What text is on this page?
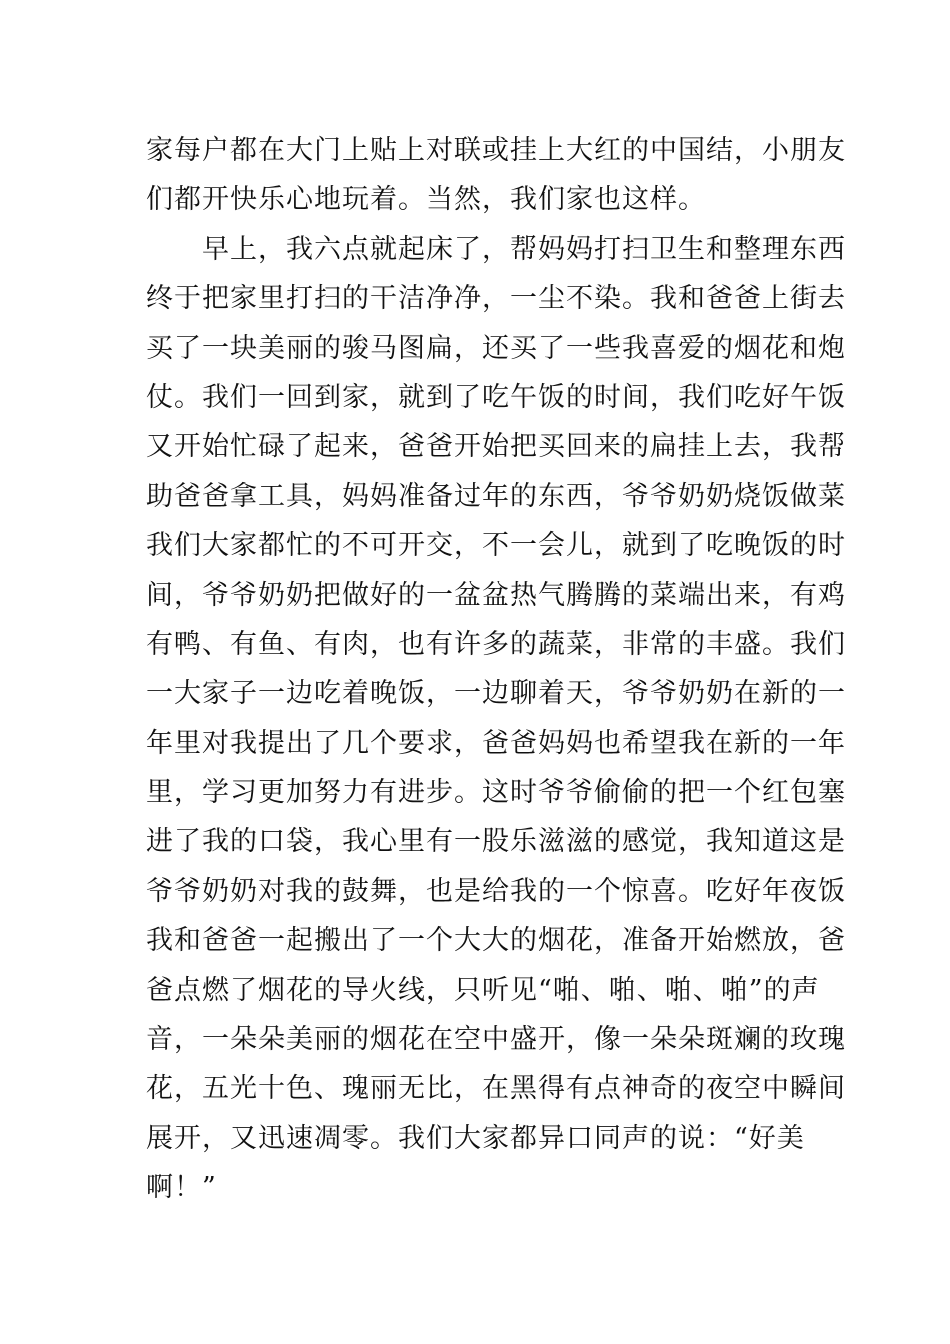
家每户都在大门上贴上对联或挂上大红的中国结，小朋友
们都开快乐心地玩着。当然，我们家也这样。
早上，我六点就起床了，帮妈妈打扫卫生和整理东西
终于把家里打扫的干洁净净，一尘不染。我和爸爸上街去
买了一块美丽的骏马图扁，还买了一些我喜爱的烟花和炮
仗。我们一回到家，就到了吃午饭的时间，我们吃好午饭
又开始忙碌了起来，爸爸开始把买回来的扁挂上去，我帮
助爸爸拿工具，妈妈准备过年的东西，爷爷奶奶烧饭做菜
我们大家都忙的不可开交，不一会儿，就到了吃晚饭的时
间，爷爷奶奶把做好的一盆盆热气腾腾的菜端出来，有鸡
有鸭、有鱼、有肉，也有许多的蔬菜，非常的丰盛。我们
一大家子一边吃着晚饭，一边聊着天，爷爷奶奶在新的一
年里对我提出了几个要求，爸爸妈妈也希望我在新的一年
里，学习更加努力有进步。这时爷爷偷偷的把一个红包塞
进了我的口袋，我心里有一股乐滋滋的感觉，我知道这是
爷爷奶奶对我的鼓舞，也是给我的一个惊喜。吃好年夜饭
我和爸爸一起搬出了一个大大的烟花，准备开始燃放，爸
爸点燃了烟花的导火线，只听见“啪、啪、啪、啪”的声
音，一朵朵美丽的烟花在空中盛开，像一朵朵斑斓的玫瑰
花，五光十色、瑰丽无比，在黑得有点神奇的夜空中瞬间
展开，又迅速凋零。我们大家都异口同声的说：“好美
啊！”
